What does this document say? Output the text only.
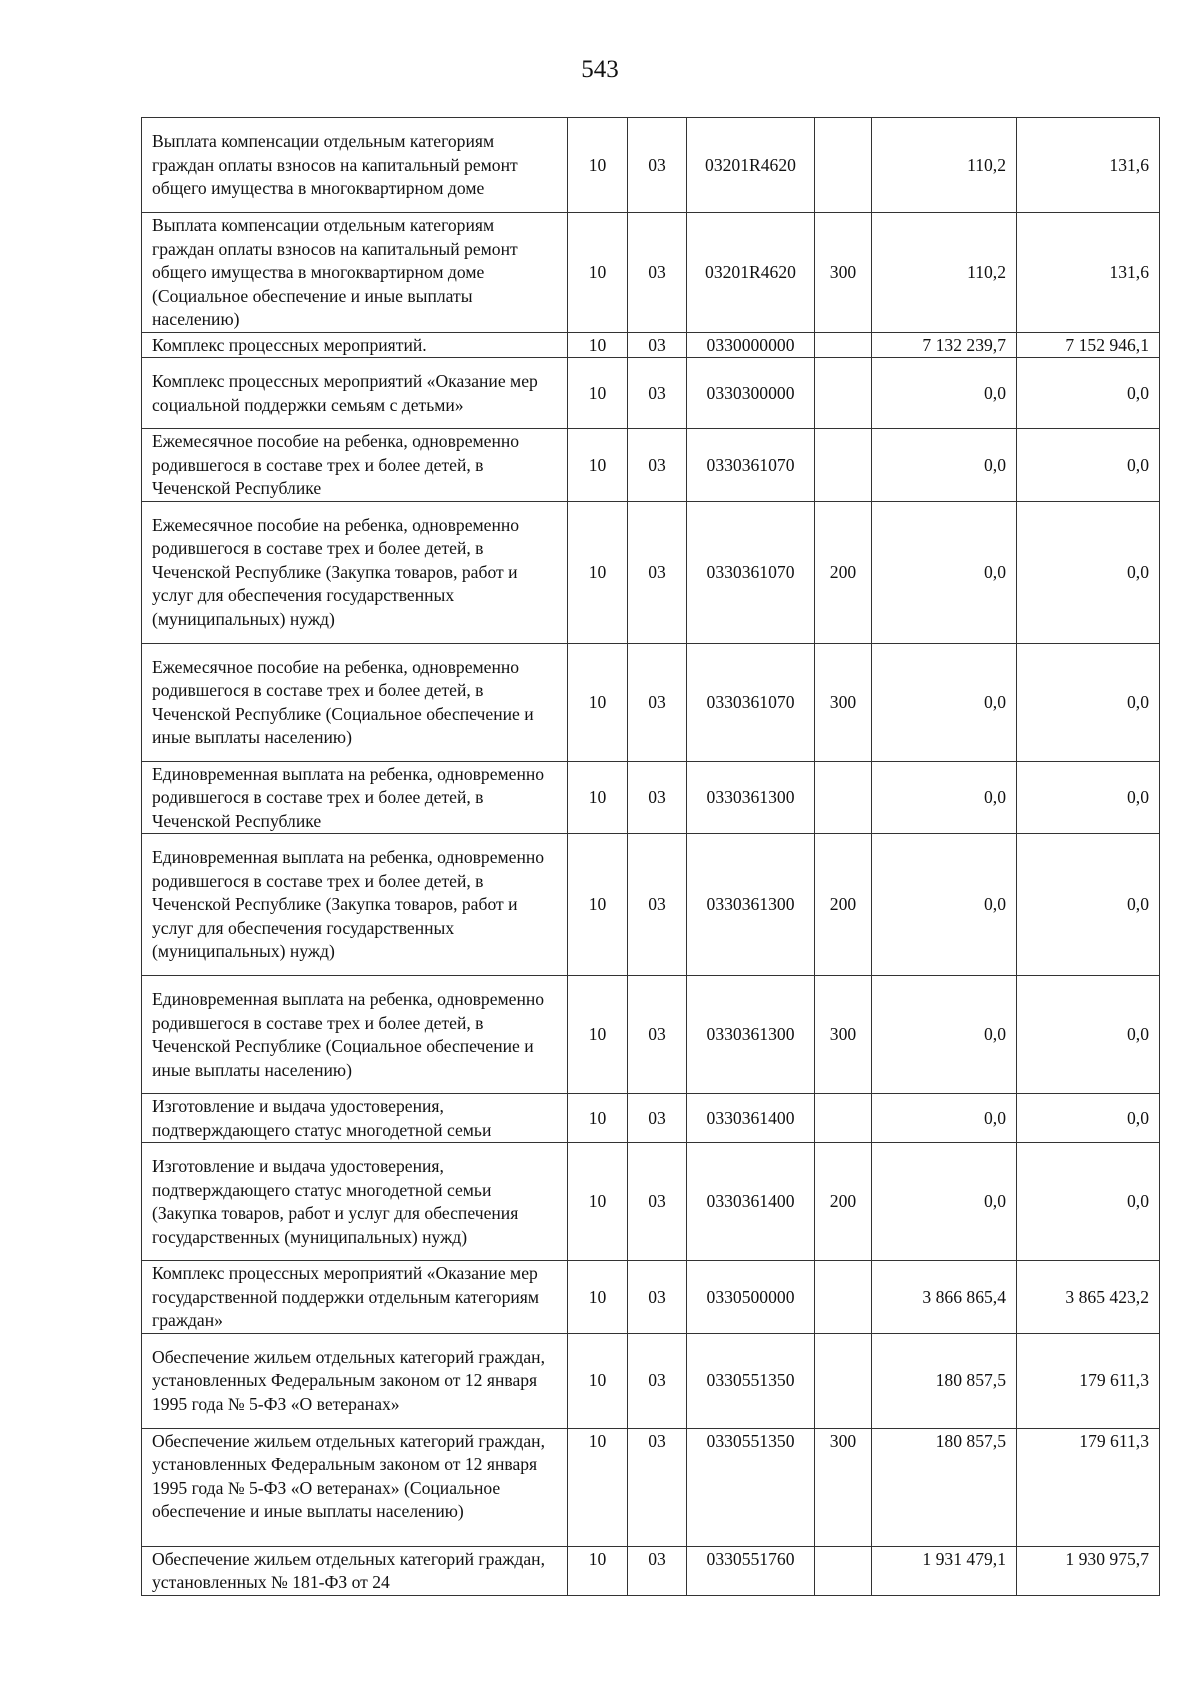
543
Выплата компенсации отдельным категориям граждан оплаты взносов на капитальный ремонт общего имущества в многоквартирном доме	10	03	03201R4620		110,2	131,6
Выплата компенсации отдельным категориям граждан оплаты взносов на капитальный ремонт общего имущества в многоквартирном доме (Социальное обеспечение и иные выплаты населению)	10	03	03201R4620	300	110,2	131,6
Комплекс процессных мероприятий.	10	03	0330000000		7 132 239,7	7 152 946,1
Комплекс процессных мероприятий «Оказание мер социальной поддержки семьям с детьми»	10	03	0330300000		0,0	0,0
Ежемесячное пособие на ребенка, одновременно родившегося в составе трех и более детей, в Чеченской Республике	10	03	0330361070		0,0	0,0
Ежемесячное пособие на ребенка, одновременно родившегося в составе трех и более детей, в Чеченской Республике (Закупка товаров, работ и услуг для обеспечения государственных (муниципальных) нужд)	10	03	0330361070	200	0,0	0,0
Ежемесячное пособие на ребенка, одновременно родившегося в составе трех и более детей, в Чеченской Республике (Социальное обеспечение и иные выплаты населению)	10	03	0330361070	300	0,0	0,0
Единовременная выплата на ребенка, одновременно родившегося в составе трех и более детей, в Чеченской Республике	10	03	0330361300		0,0	0,0
Единовременная выплата на ребенка, одновременно родившегося в составе трех и более детей, в Чеченской Республике (Закупка товаров, работ и услуг для обеспечения государственных (муниципальных) нужд)	10	03	0330361300	200	0,0	0,0
Единовременная выплата на ребенка, одновременно родившегося в составе трех и более детей, в Чеченской Республике (Социальное обеспечение и иные выплаты населению)	10	03	0330361300	300	0,0	0,0
Изготовление и выдача удостоверения, подтверждающего статус многодетной семьи	10	03	0330361400		0,0	0,0
Изготовление и выдача удостоверения, подтверждающего статус многодетной семьи (Закупка товаров, работ и услуг для обеспечения государственных (муниципальных) нужд)	10	03	0330361400	200	0,0	0,0
Комплекс процессных мероприятий «Оказание мер государственной поддержки отдельным категориям граждан»	10	03	0330500000		3 866 865,4	3 865 423,2
Обеспечение жильем отдельных категорий граждан, установленных Федеральным законом от 12 января 1995 года № 5-ФЗ «О ветеранах»	10	03	0330551350		180 857,5	179 611,3
Обеспечение жильем отдельных категорий граждан, установленных Федеральным законом от 12 января 1995 года № 5-ФЗ «О ветеранах» (Социальное обеспечение и иные выплаты населению)	10	03	0330551350	300	180 857,5	179 611,3
Обеспечение жильем отдельных категорий граждан, установленных № 181-ФЗ от 24	10	03	0330551760		1 931 479,1	1 930 975,7
